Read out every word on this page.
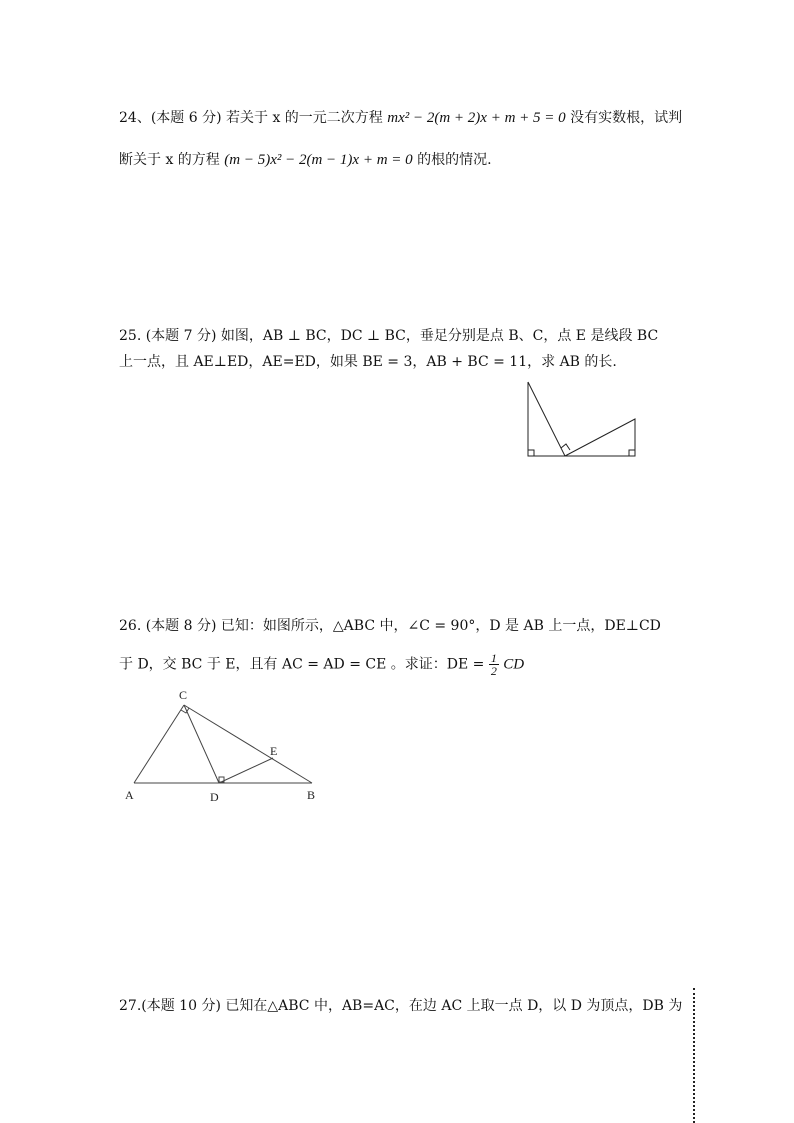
24、(本题 6 分) 若关于 x 的一元二次方程 mx² − 2(m + 2)x + m + 5 = 0 没有实数根，试判
断关于 x 的方程 (m − 5)x² − 2(m − 1)x + m = 0 的根的情况.
25. (本题 7 分) 如图，AB ⊥ BC，DC ⊥ BC，垂足分别是点 B、C，点 E 是线段 BC
上一点，且 AE⊥ED，AE=ED，如果 BE = 3，AB + BC = 11，求 AB 的长.
26. (本题 8 分) 已知：如图所示，△ABC 中，∠C = 90°，D 是 AB 上一点，DE⊥CD
于 D，交 BC 于 E，且有 AC = AD = CE 。求证：DE = $\frac{1}{2}$ CD
C
A	D	B
E
27.(本题 10 分) 已知在△ABC 中，AB=AC，在边 AC 上取一点 D，以 D 为顶点，DB 为
